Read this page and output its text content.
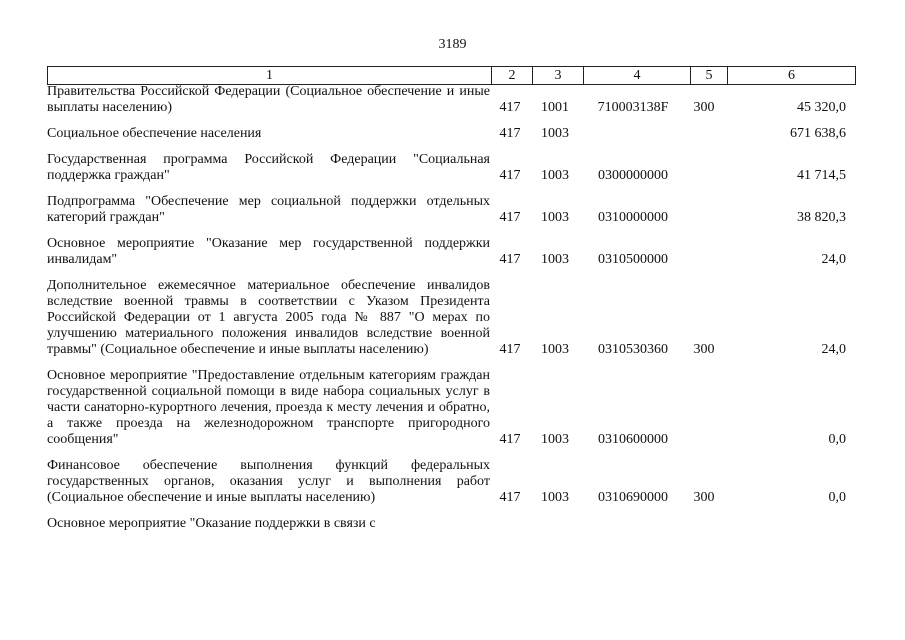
3189
1	2	3	4	5	6
Правительства Российской Федерации (Социальное обеспечение и иные выплаты населению)	417	1001	710003138F	300	45 320,0

Социальное обеспечение населения	417	1003			671 638,6

Государственная программа Российской Федерации "Социальная поддержка граждан"	417	1003	0300000000		41 714,5

Подпрограмма "Обеспечение мер социальной поддержки отдельных категорий граждан"	417	1003	0310000000		38 820,3

Основное мероприятие "Оказание мер государственной поддержки инвалидам"	417	1003	0310500000		24,0

Дополнительное ежемесячное материальное обеспечение инвалидов вследствие военной травмы в соответствии с Указом Президента Российской Федерации от 1 августа 2005 года № 887 "О мерах по улучшению материального положения инвалидов вследствие военной травмы" (Социальное обеспечение и иные выплаты населению)	417	1003	0310530360	300	24,0

Основное мероприятие "Предоставление отдельным категориям граждан государственной социальной помощи в виде набора социальных услуг в части санаторно-курортного лечения, проезда к месту лечения и обратно, а также проезда на железнодорожном транспорте пригородного сообщения"	417	1003	0310600000		0,0

Финансовое обеспечение выполнения функций федеральных государственных органов, оказания услуг и выполнения работ (Социальное обеспечение и иные выплаты населению)	417	1003	0310690000	300	0,0

Основное мероприятие "Оказание поддержки в связи с					
